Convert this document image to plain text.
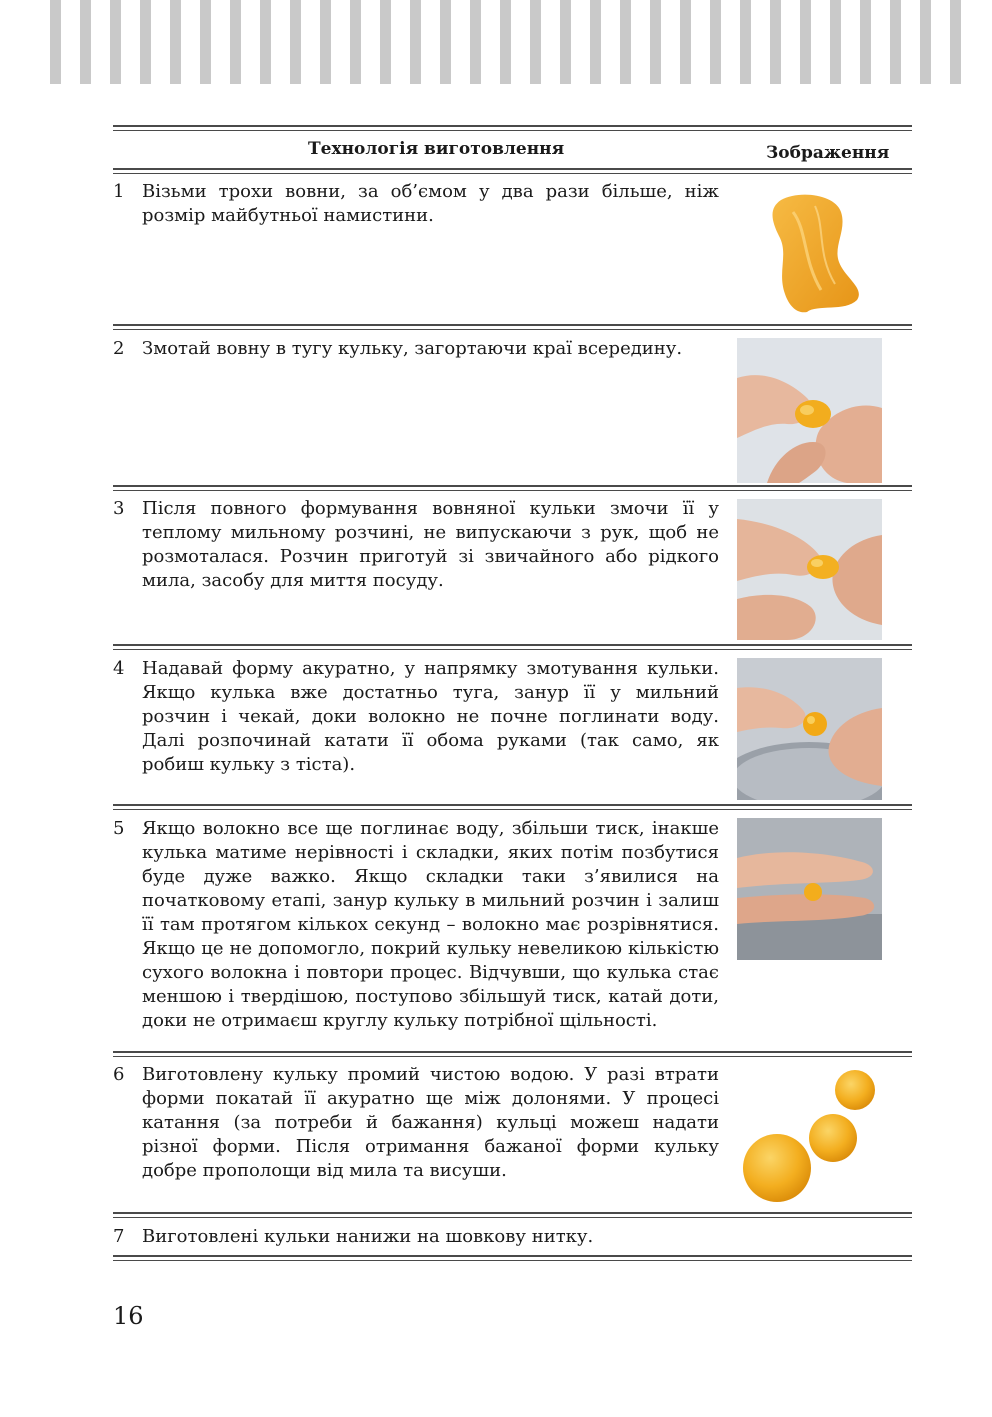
Технологія виготовлення	Зображення
1 Візьми трохи вовни, за об’ємом у два рази більше, ніж розмір майбутньої намистини.

2 Змотай вовну в тугу кульку, загортаючи краї всередину.

3 Після повного формування вовняної кульки змочи її у теплому мильному розчині, не випускаючи з рук, щоб не розмоталася. Розчин приготуй зі звичайного або рідкого мила, засобу для миття посуду.

4 Надавай форму акуратно, у напрямку змотування кульки. Якщо кулька вже достатньо туга, занур її у мильний розчин і чекай, доки волокно не почне поглинати воду. Далі розпочинай катати її обома руками (так само, як робиш кульку з тіста).

5 Якщо волокно все ще поглинає воду, збільши тиск, інакше кулька матиме нерівності і складки, яких потім позбутися буде дуже важко. Якщо складки таки з’явилися на початковому етапі, занур кульку в мильний розчин і залиш її там протягом кількох секунд – волокно має розрівнятися. Якщо це не допомогло, покрий кульку невеликою кількістю сухого волокна і повтори процес. Відчувши, що кулька стає меншою і твердішою, поступово збільшуй тиск, катай доти, доки не отримаєш круглу кульку потрібної щільності.

6 Виготовлену кульку промий чистою водою. У разі втрати форми покатай її акуратно ще між долонями. У процесі катання (за потреби й бажання) кульці можеш надати різної форми. Після отримання бажаної форми кульку добре прополощи від мила та висуши.

7 Виготовлені кульки нанижи на шовкову нитку.

16
